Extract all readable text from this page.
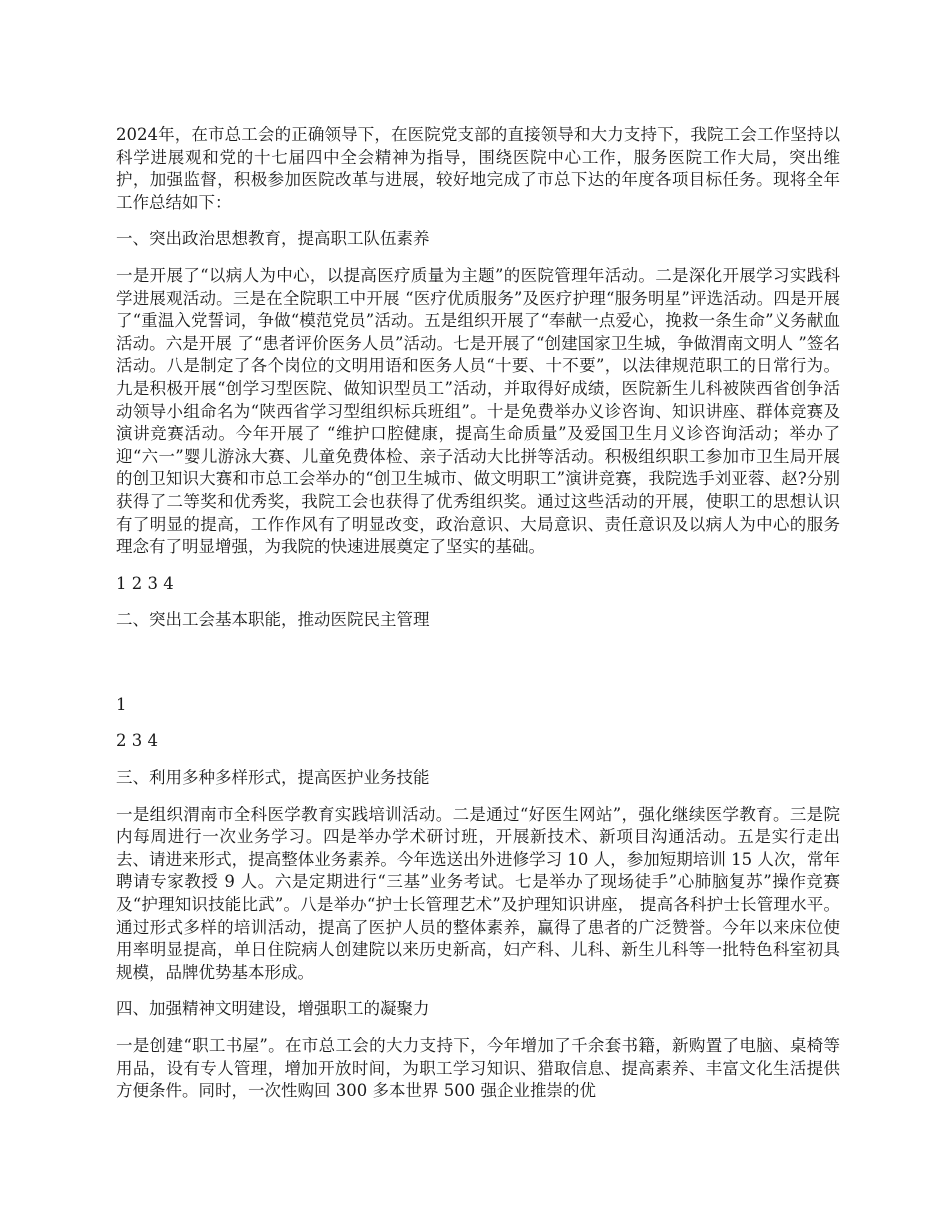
2024年，在市总工会的正确领导下，在医院党支部的直接领导和大力支持下，我院工会工作坚持以科学进展观和党的十七届四中全会精神为指导，围绕医院中心工作，服务医院工作大局，突出维护，加强监督，积极参加医院改革与进展，较好地完成了市总下达的年度各项目标任务。现将全年工作总结如下：

一、突出政治思想教育，提高职工队伍素养

一是开展了“以病人为中心，以提高医疗质量为主题”的医院管理年活动。二是深化开展学习实践科学进展观活动。三是在全院职工中开展 “医疗优质服务”及医疗护理“服务明星”评选活动。四是开展了“重温入党誓词，争做“模范党员”活动。五是组织开展了“奉献一点爱心，挽救一条生命”义务献血活动。六是开展 了“患者评价医务人员”活动。七是开展了“创建国家卫生城，争做渭南文明人 ”签名活动。八是制定了各个岗位的文明用语和医务人员“十要、十不要”，以法律规范职工的日常行为。九是积极开展“创学习型医院、做知识型员工”活动，并取得好成绩，医院新生儿科被陕西省创争活动领导小组命名为“陕西省学习型组织标兵班组”。十是免费举办义诊咨询、知识讲座、群体竞赛及演讲竞赛活动。今年开展了 “维护口腔健康，提高生命质量”及爱国卫生月义诊咨询活动；举办了迎“六一”婴儿游泳大赛、儿童免费体检、亲子活动大比拼等活动。积极组织职工参加市卫生局开展的创卫知识大赛和市总工会举办的“创卫生城市、做文明职工”演讲竞赛，我院选手刘亚蓉、赵?分别获得了二等奖和优秀奖，我院工会也获得了优秀组织奖。通过这些活动的开展，使职工的思想认识有了明显的提高，工作作风有了明显改变，政治意识、大局意识、责任意识及以病人为中心的服务理念有了明显增强，为我院的快速进展奠定了坚实的基础。

1 2 3 4

二、突出工会基本职能，推动医院民主管理

1

2 3 4

三、利用多种多样形式，提高医护业务技能

一是组织渭南市全科医学教育实践培训活动。二是通过“好医生网站”，强化继续医学教育。三是院内每周进行一次业务学习。四是举办学术研讨班，开展新技术、新项目沟通活动。五是实行走出去、请进来形式，提高整体业务素养。今年选送出外进修学习 10 人，参加短期培训 15 人次，常年聘请专家教授 9 人。六是定期进行“三基”业务考试。七是举办了现场徒手”心肺脑复苏”操作竞赛及“护理知识技能比武”。八是举办“护士长管理艺术”及护理知识讲座， 提高各科护士长管理水平。通过形式多样的培训活动，提高了医护人员的整体素养，赢得了患者的广泛赞誉。今年以来床位使用率明显提高，单日住院病人创建院以来历史新高，妇产科、儿科、新生儿科等一批特色科室初具规模，品牌优势基本形成。

四、加强精神文明建设，增强职工的凝聚力

一是创建“职工书屋”。在市总工会的大力支持下，今年增加了千余套书籍，新购置了电脑、桌椅等用品，设有专人管理，增加开放时间，为职工学习知识、猎取信息、提高素养、丰富文化生活提供方便条件。同时，一次性购回 300 多本世界 500 强企业推崇的优
